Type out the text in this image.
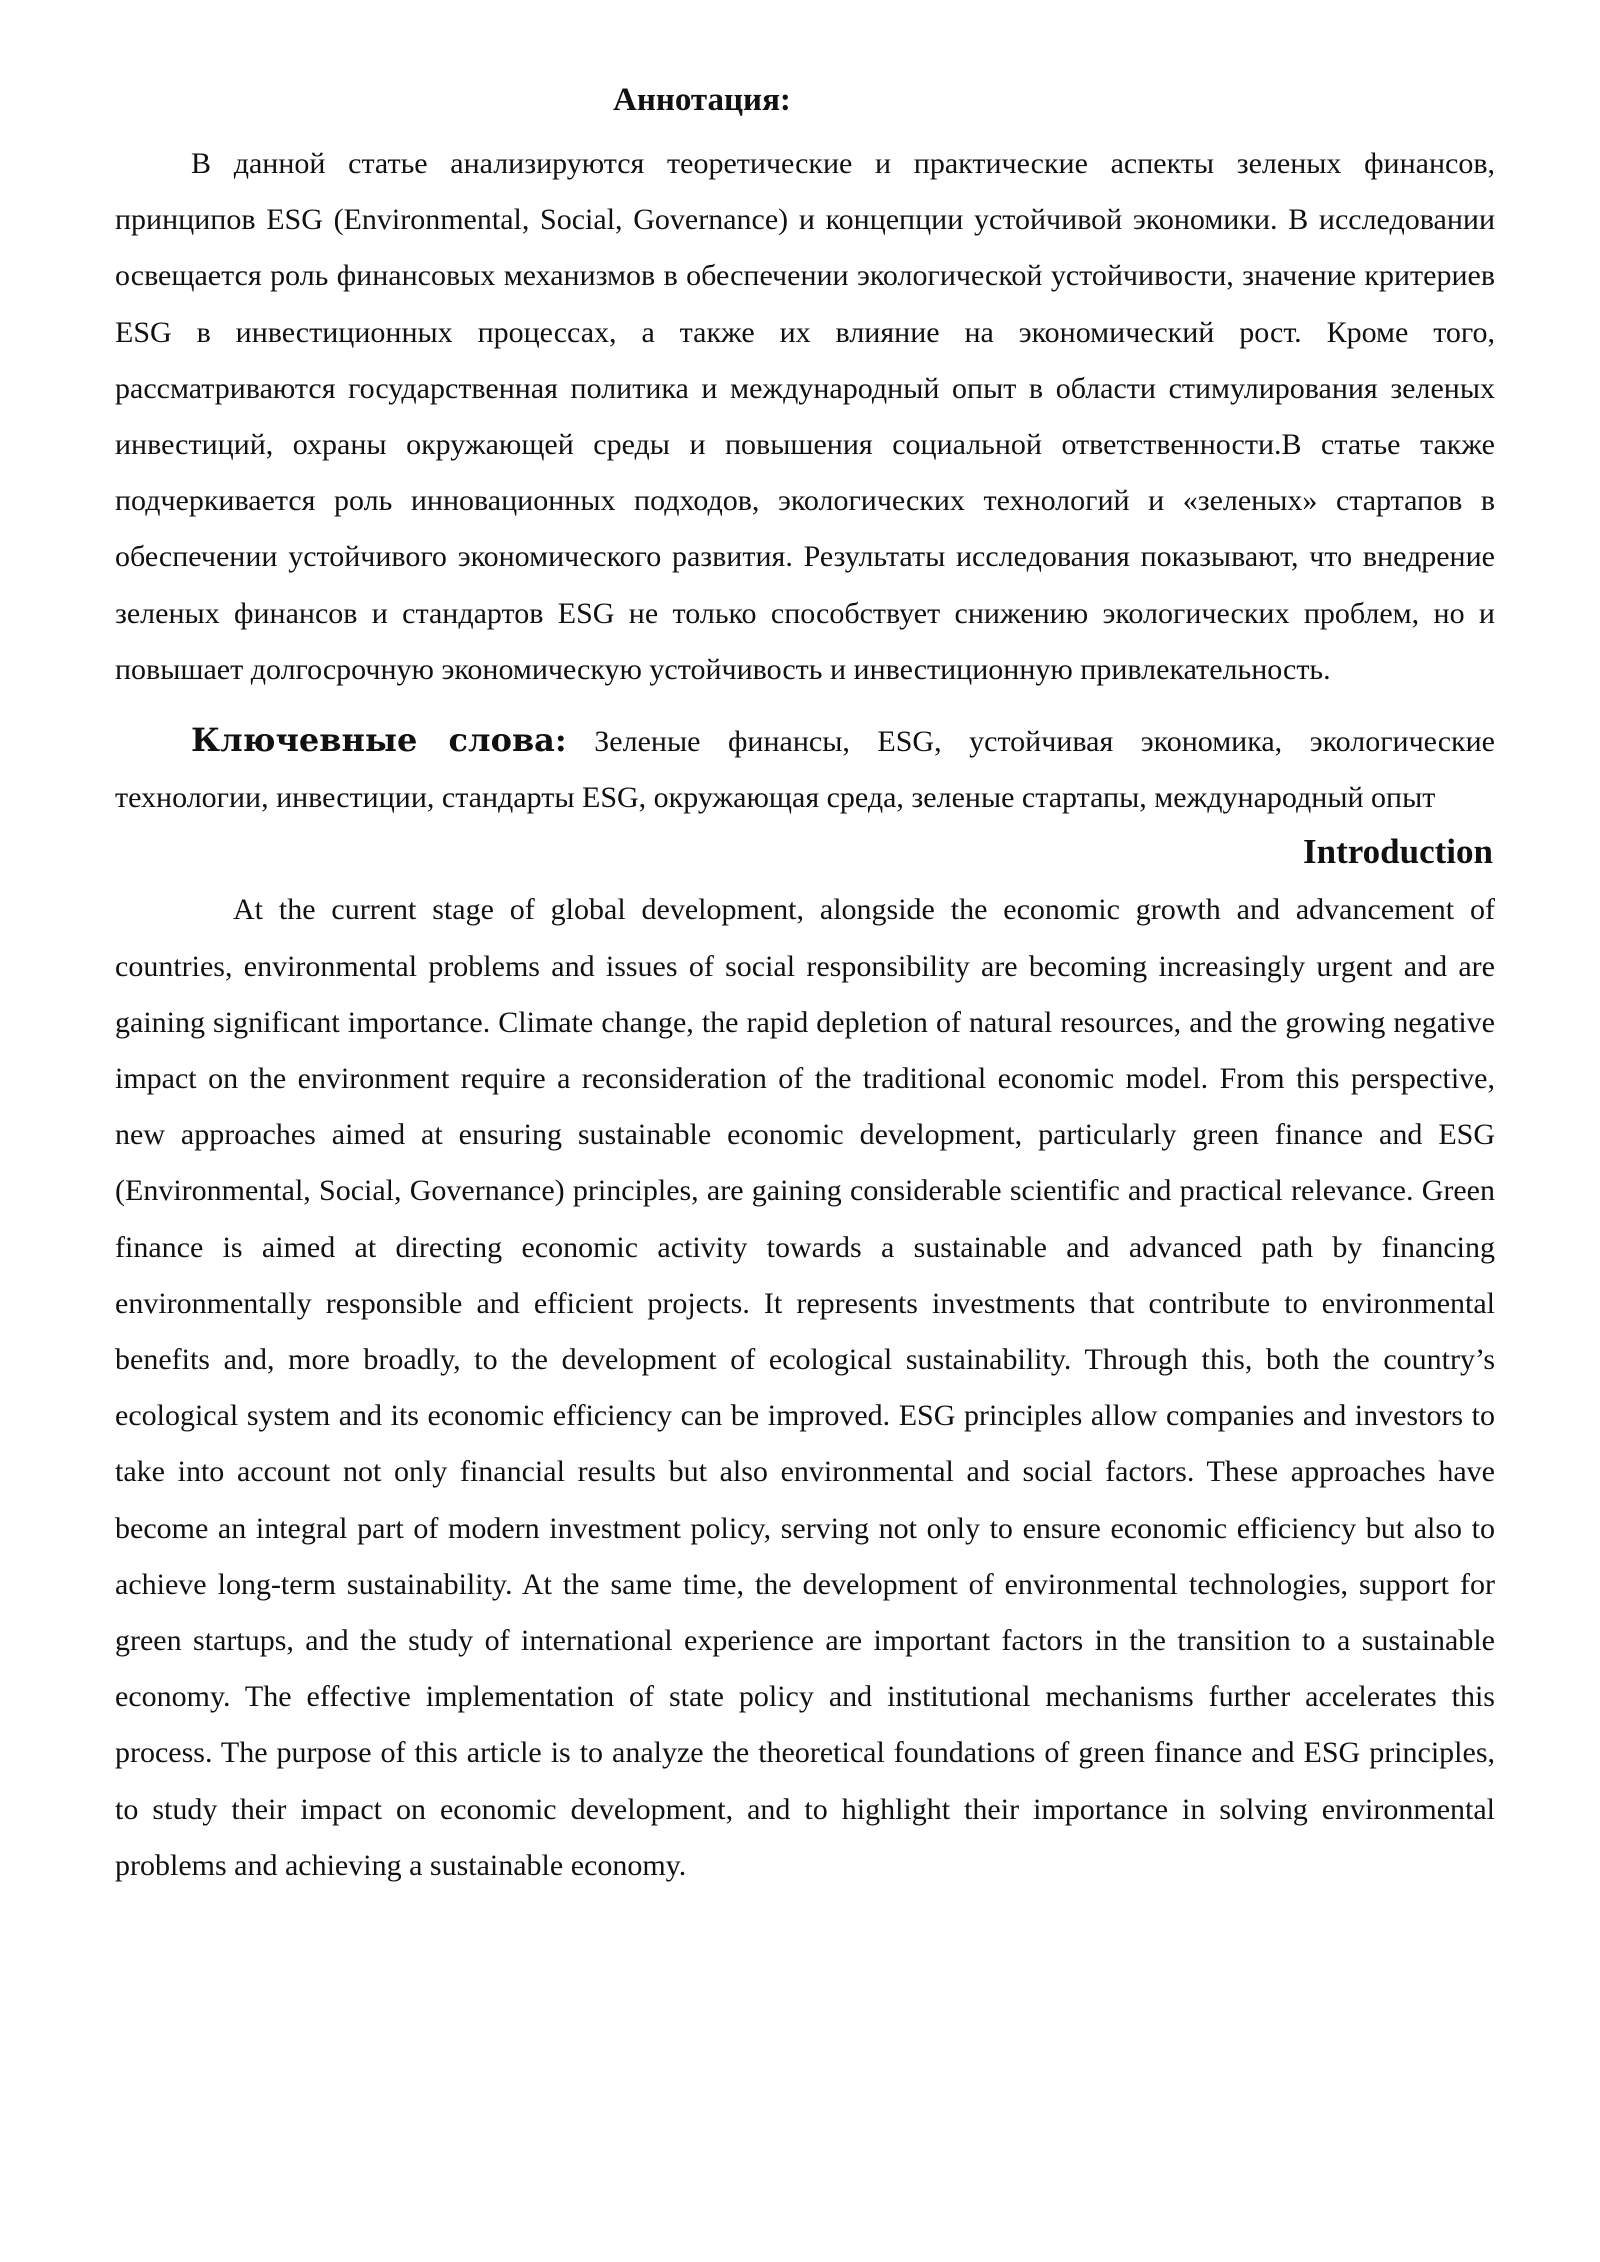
Аннотация:

В данной статье анализируются теоретические и практические аспекты зеленых финансов, принципов ESG (Environmental, Social, Governance) и концепции устойчивой экономики. В исследовании освещается роль финансовых механизмов в обеспечении экологической устойчивости, значение критериев ESG в инвестиционных процессах, а также их влияние на экономический рост. Кроме того, рассматриваются государственная политика и международный опыт в области стимулирования зеленых инвестиций, охраны окружающей среды и повышения социальной ответственности.В статье также подчеркивается роль инновационных подходов, экологических технологий и «зеленых» стартапов в обеспечении устойчивого экономического развития. Результаты исследования показывают, что внедрение зеленых финансов и стандартов ESG не только способствует снижению экологических проблем, но и повышает долгосрочную экономическую устойчивость и инвестиционную привлекательность.

Ключевные слова: Зеленые финансы, ESG, устойчивая экономика, экологические технологии, инвестиции, стандарты ESG, окружающая среда, зеленые стартапы, международный опыт

Introduction

At the current stage of global development, alongside the economic growth and advancement of countries, environmental problems and issues of social responsibility are becoming increasingly urgent and are gaining significant importance. Climate change, the rapid depletion of natural resources, and the growing negative impact on the environment require a reconsideration of the traditional economic model. From this perspective, new approaches aimed at ensuring sustainable economic development, particularly green finance and ESG (Environmental, Social, Governance) principles, are gaining considerable scientific and practical relevance. Green finance is aimed at directing economic activity towards a sustainable and advanced path by financing environmentally responsible and efficient projects. It represents investments that contribute to environmental benefits and, more broadly, to the development of ecological sustainability. Through this, both the country’s ecological system and its economic efficiency can be improved. ESG principles allow companies and investors to take into account not only financial results but also environmental and social factors. These approaches have become an integral part of modern investment policy, serving not only to ensure economic efficiency but also to achieve long-term sustainability. At the same time, the development of environmental technologies, support for green startups, and the study of international experience are important factors in the transition to a sustainable economy. The effective implementation of state policy and institutional mechanisms further accelerates this process. The purpose of this article is to analyze the theoretical foundations of green finance and ESG principles, to study their impact on economic development, and to highlight their importance in solving environmental problems and achieving a sustainable economy.
